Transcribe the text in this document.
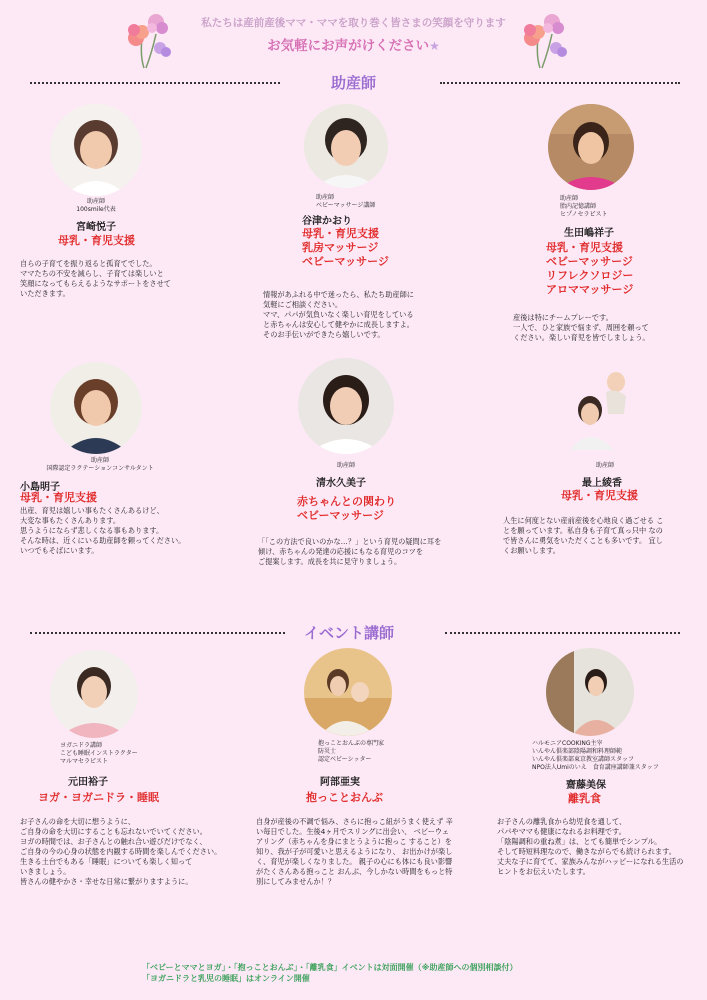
私たちは産前産後ママ・ママを取り巻く皆さまの笑顔を守ります
お気軽にお声がけください★
助産師
助産師
100smile代表
宮崎悦子
母乳・育児支援
自らの子育てを振り返ると孤育てでした。
ママたちの不安を減らし、子育ては楽しいと
笑顔になってもらえるようなサポートをさせて
いただきます。
助産師
ベビーマッサージ講師
谷津かおり
母乳・育児支援
乳房マッサージ
ベビーマッサージ
情報があふれる中で迷ったら、私たち助産師に
気軽にご相談ください。
ママ、パパが気負いなく楽しい育児をしている
と赤ちゃんは安心して健やかに成長しますよ。
そのお手伝いができたら嬉しいです。
助産師
胎内記憶講師
ヒプノセラピスト
生田嶋祥子
母乳・育児支援
ベビーマッサージ
リフレクソロジー
アロママッサージ
産後は特にチームプレーです。
一人で、ひと家族で悩まず、周囲を頼って
ください。楽しい育児を皆でしましょう。
助産師
国際認定ラクテーションコンサルタント
小島明子
母乳・育児支援
出産、育児は嬉しい事もたくさんあるけど、
大変な事もたくさんあります。
思うようにならず悲しくなる事もあります。
そんな時は、近くにいる助産師を頼ってください。
いつでもそばにいます。
助産師
清水久美子
赤ちゃんとの関わり
ベビーマッサージ
「「この方法で良いのかな…？」という育児の疑問に耳を
傾け、赤ちゃんの発達の応援にもなる育児のコツを
ご提案します。成長を共に見守りましょう。
助産師
最上綾香
母乳・育児支援
人生に何度とない産前産後を心地良く過ごせる こ
とを願っています。私自身も子育て真っ只中 なの
で皆さんに勇気をいただくことも多いです。 宜し
くお願いします。
イベント講師
ヨガニドラ講師
こども睡眠インストラクター
マルマセラピスト
元田裕子
ヨガ・ヨガニドラ・睡眠
お子さんの命を大切に想うように、
ご自身の命を大切にすることも忘れないでいてください。
ヨガの時間では、お子さんとの触れ合い遊びだけでなく、
ご自身の今の心身の状態を内観する時間を楽しんでください。
生きる土台でもある「睡眠」についても楽しく知って
いきましょう。
皆さんの健やかさ・幸せな日常に繋がりますように。
抱っことおんぶの専門家
防災士
認定ベビーシッター
阿部亜実
抱っことおんぶ
自身が産後の不調で悩み、さらに抱っこ紐がうまく使えず 辛
い毎日でした。生後4ヶ月でスリングに出会い、 ベビーウェ
アリング（赤ちゃんを身にまとうように抱っこ すること）を
知り、我が子が可愛いと思えるようになり、 お出かけが楽し
く、育児が楽しくなりました。 親子の心にも体にも良い影響
がたくさんある抱っこと おんぶ、今しかない時間をもっと特
別にしてみませんか！？
ハルモニアCOOKING主宰
いんやん倶楽部陰陽調和料理師範
いんやん倶楽部東京教室講師スタッフ
NPO法人Umiのいえ　食育講座講師兼スタッフ
齋藤美保
離乳食
お子さんの離乳食から幼児食を通して、
パパやママも健康になれるお料理です。
「陰陽調和の重ね煮」は、とても簡単でシンプル。
そして時短料理なので、働きながらでも続けられます。
丈夫な子に育てて、家族みんながハッピーになれる生活の
ヒントをお伝えいたします。
「ベビーとママとヨガ」・「抱っことおんぶ」・「離乳食」イベントは対面開催（※助産師への個別相談付）
「ヨガニドラと乳児の睡眠」はオンライン開催
